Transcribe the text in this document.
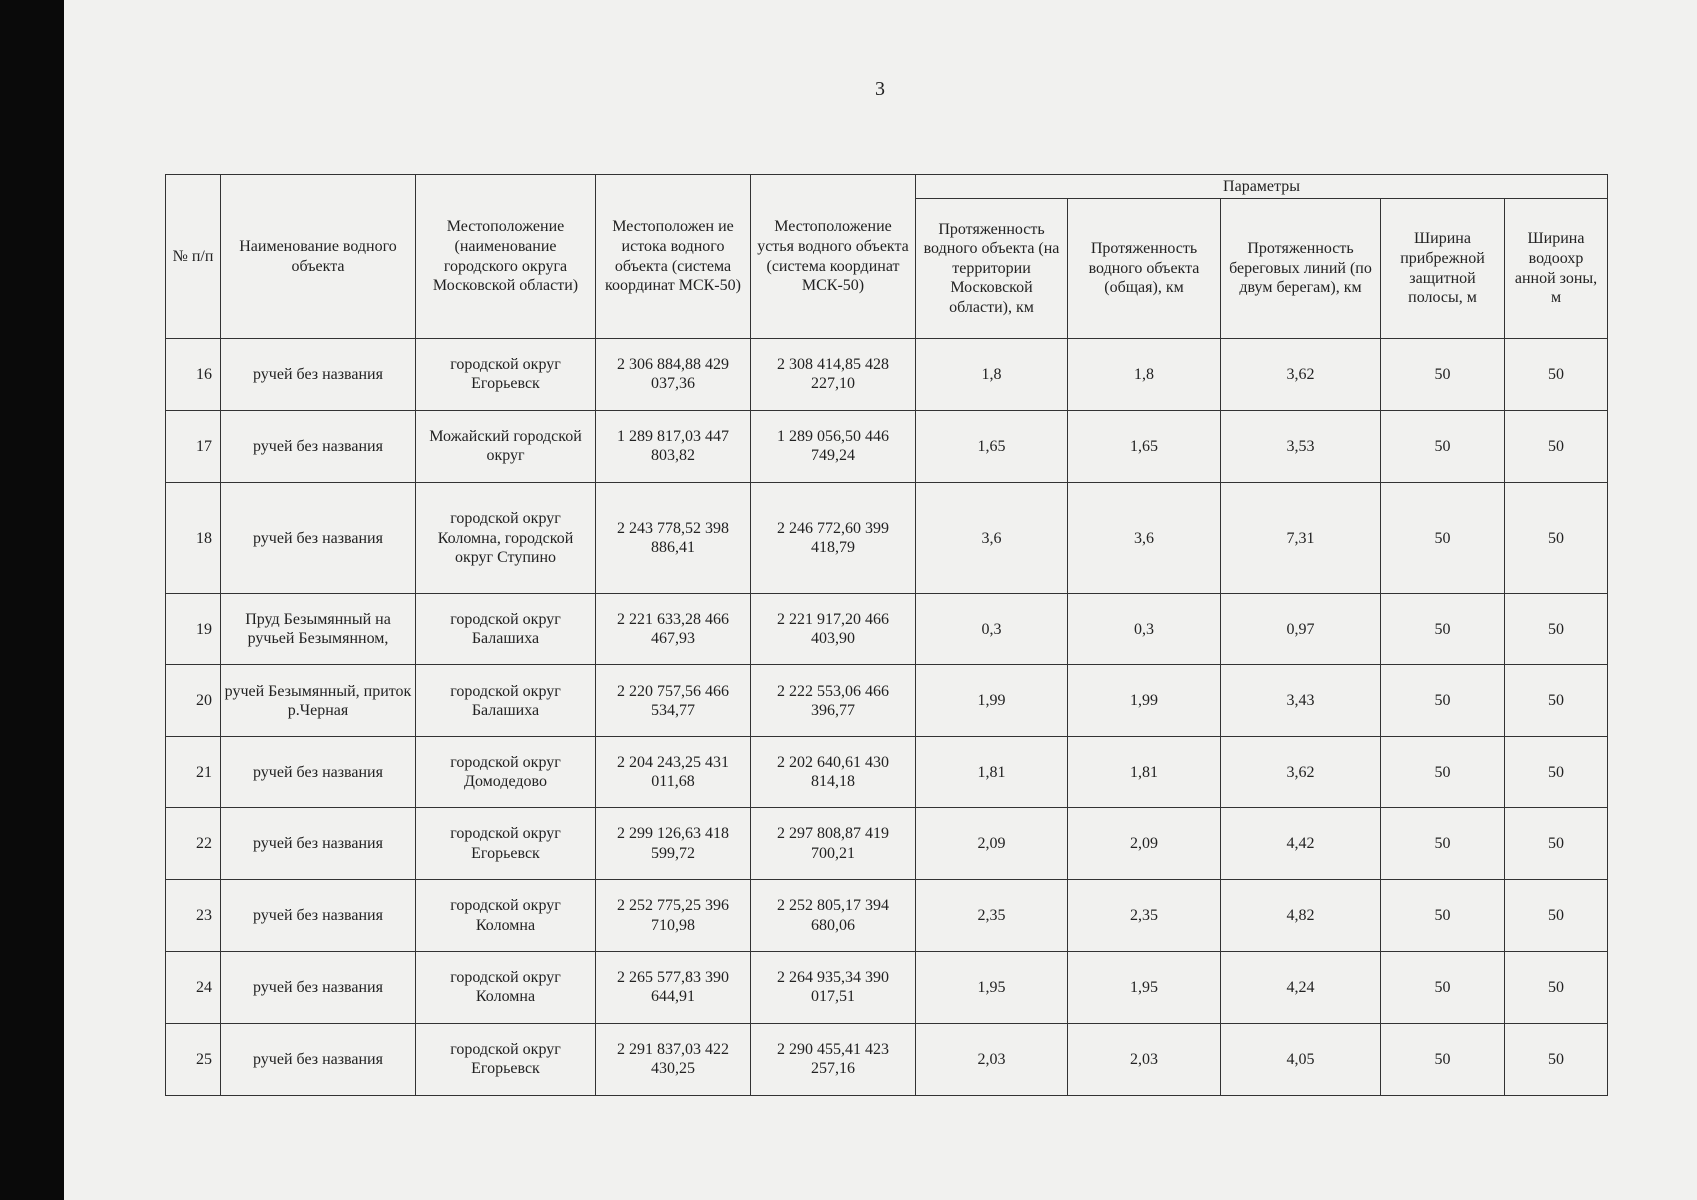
3
№ п/п	Наименование водного объекта	Местоположение (наименование городского округа Московской области)	Местоположен ие истока водного объекта (система координат МСК-50)	Местоположение устья водного объекта (система координат МСК-50)	Параметры				
					Протяженность водного объекта (на территории Московской области), км	Протяженность водного объекта (общая), км	Протяженность береговых линий (по двум берегам), км	Ширина прибрежной защитной полосы, м	Ширина водоохр анной зоны, м
16	ручей без названия	городской округ Егорьевск	2 306 884,88 429 037,36	2 308 414,85 428 227,10	1,8	1,8	3,62	50	50
17	ручей без названия	Можайский городской округ	1 289 817,03 447 803,82	1 289 056,50 446 749,24	1,65	1,65	3,53	50	50
18	ручей без названия	городской округ Коломна, городской округ Ступино	2 243 778,52 398 886,41	2 246 772,60 399 418,79	3,6	3,6	7,31	50	50
19	Пруд Безымянный на ручьей Безымянном,	городской округ Балашиха	2 221 633,28 466 467,93	2 221 917,20 466 403,90	0,3	0,3	0,97	50	50
20	ручей Безымянный, приток р.Черная	городской округ Балашиха	2 220 757,56 466 534,77	2 222 553,06 466 396,77	1,99	1,99	3,43	50	50
21	ручей без названия	городской округ Домодедово	2 204 243,25 431 011,68	2 202 640,61 430 814,18	1,81	1,81	3,62	50	50
22	ручей без названия	городской округ Егорьевск	2 299 126,63 418 599,72	2 297 808,87 419 700,21	2,09	2,09	4,42	50	50
23	ручей без названия	городской округ Коломна	2 252 775,25 396 710,98	2 252 805,17 394 680,06	2,35	2,35	4,82	50	50
24	ручей без названия	городской округ Коломна	2 265 577,83 390 644,91	2 264 935,34 390 017,51	1,95	1,95	4,24	50	50
25	ручей без названия	городской округ Егорьевск	2 291 837,03 422 430,25	2 290 455,41 423 257,16	2,03	2,03	4,05	50	50
